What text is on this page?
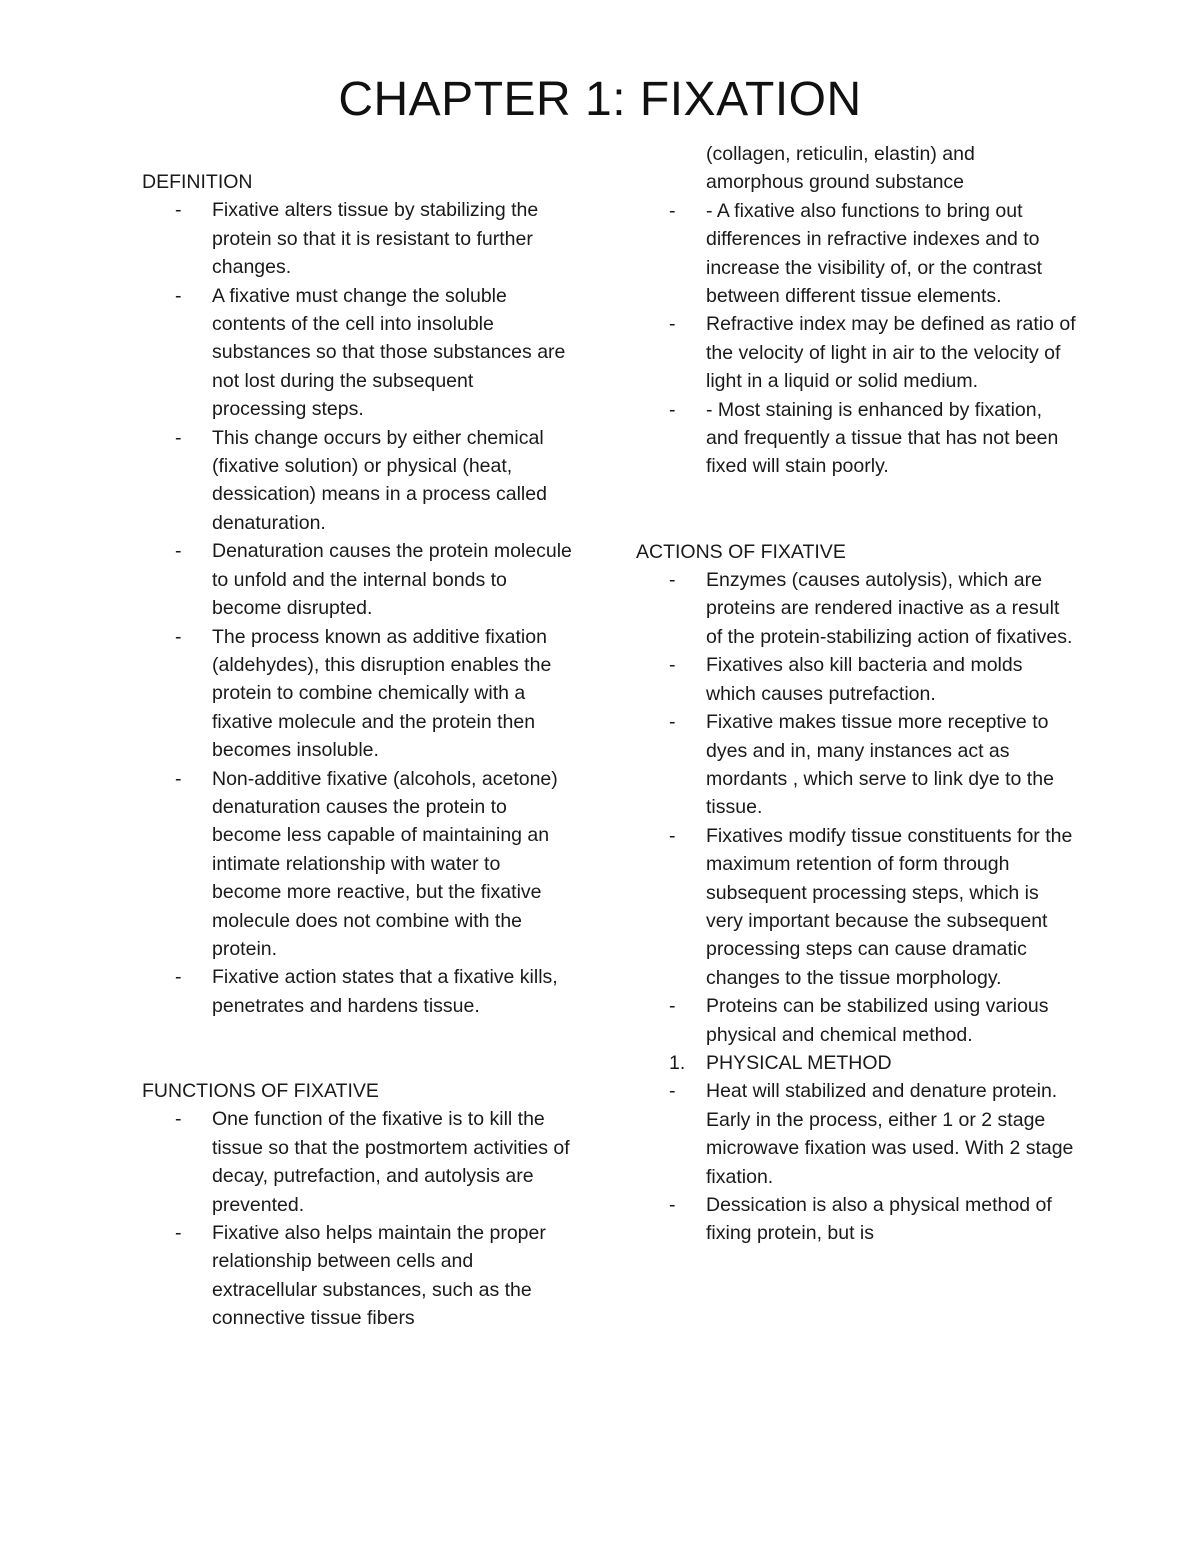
CHAPTER 1: FIXATION
DEFINITION
- Fixative alters tissue by stabilizing the protein so that it is resistant to further changes.
- A fixative must change the soluble contents of the cell into insoluble substances so that those substances are not lost during the subsequent processing steps.
- This change occurs by either chemical (fixative solution) or physical (heat, dessication) means in a process called denaturation.
- Denaturation causes the protein molecule to unfold and the internal bonds to become disrupted.
- The process known as additive fixation (aldehydes), this disruption enables the protein to combine chemically with a fixative molecule and the protein then becomes insoluble.
- Non-additive fixative (alcohols, acetone) denaturation causes the protein to become less capable of maintaining an intimate relationship with water to become more reactive, but the fixative molecule does not combine with the protein.
- Fixative action states that a fixative kills, penetrates and hardens tissue.
FUNCTIONS OF FIXATIVE
- One function of the fixative is to kill the tissue so that the postmortem activities of decay, putrefaction, and autolysis are prevented.
- Fixative also helps maintain the proper relationship between cells and extracellular substances, such as the connective tissue fibers
(collagen, reticulin, elastin) and amorphous ground substance
- - A fixative also functions to bring out differences in refractive indexes and to increase the visibility of, or the contrast between different tissue elements.
- Refractive index may be defined as ratio of the velocity of light in air to the velocity of light in a liquid or solid medium.
- - Most staining is enhanced by fixation, and frequently a tissue that has not been fixed will stain poorly.
ACTIONS OF FIXATIVE
- Enzymes (causes autolysis), which are proteins are rendered inactive as a result of the protein-stabilizing action of fixatives.
- Fixatives also kill bacteria and molds which causes putrefaction.
- Fixative makes tissue more receptive to dyes and in, many instances act as mordants , which serve to link dye to the tissue.
- Fixatives modify tissue constituents for the maximum retention of form through subsequent processing steps, which is very important because the subsequent processing steps can cause dramatic changes to the tissue morphology.
- Proteins can be stabilized using various physical and chemical method.
1. PHYSICAL METHOD
- Heat will stabilized and denature protein. Early in the process, either 1 or 2 stage microwave fixation was used. With 2 stage fixation.
- Dessication is also a physical method of fixing protein, but is
